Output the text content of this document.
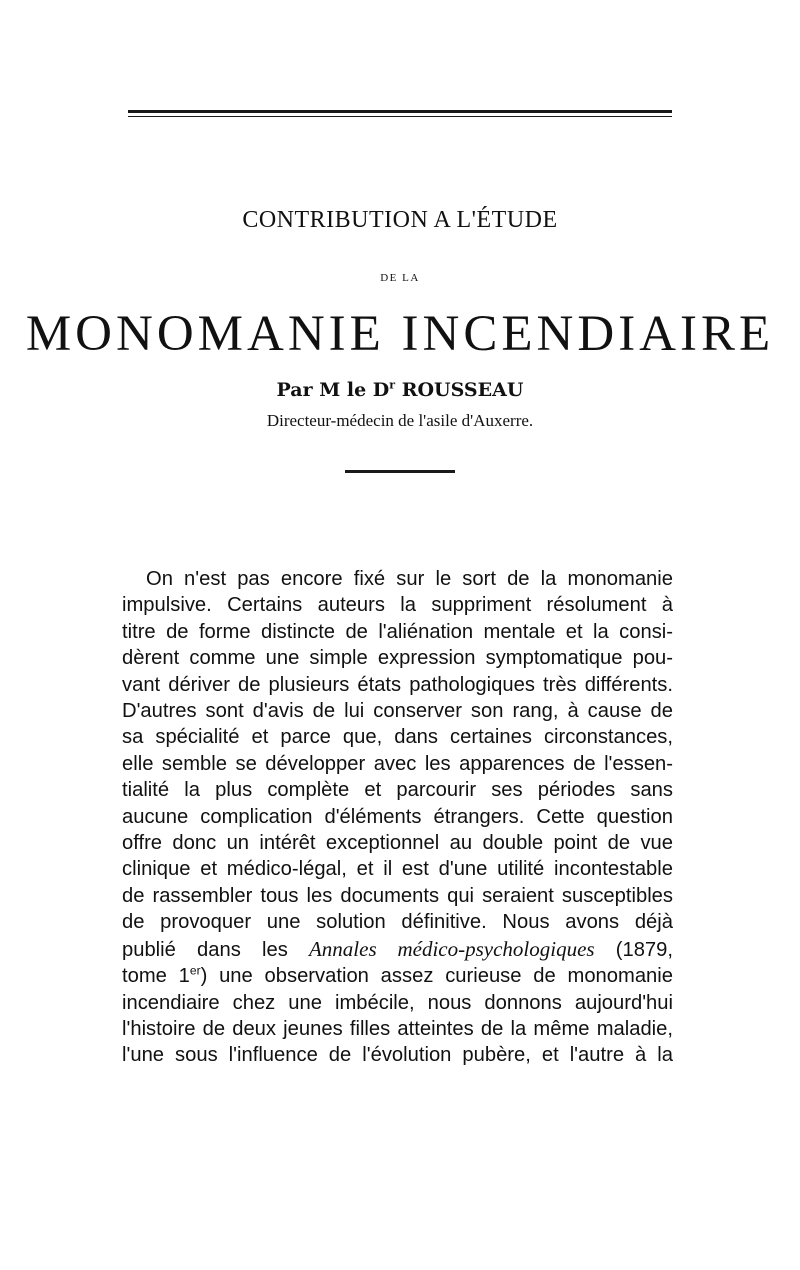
CONTRIBUTION A L'ÉTUDE
DE LA
MONOMANIE INCENDIAIRE
Par M le $D^r$ ROUSSEAU
Directeur-médecin de l'asile d'Auxerre.
On n'est pas encore fixé sur le sort de la monomanie
impulsive. Certains auteurs la suppriment résolument à
titre de forme distincte de l'aliénation mentale et la consi-
dèrent comme une simple expression symptomatique pou-
vant dériver de plusieurs états pathologiques très différents.
D'autres sont d'avis de lui conserver son rang, à cause de
sa spécialité et parce que, dans certaines circonstances,
elle semble se développer avec les apparences de l'essen-
tialité la plus complète et parcourir ses périodes sans
aucune complication d'éléments étrangers. Cette question
offre donc un intérêt exceptionnel au double point de vue
clinique et médico-légal, et il est d'une utilité incontestable
de rassembler tous les documents qui seraient susceptibles
de provoquer une solution définitive. Nous avons déjà
publié dans les Annales médico-psychologiques (1879,
tome 1er) une observation assez curieuse de monomanie
incendiaire chez une imbécile, nous donnons aujourd'hui
l'histoire de deux jeunes filles atteintes de la même maladie,
l'une sous l'influence de l'évolution pubère, et l'autre à la
